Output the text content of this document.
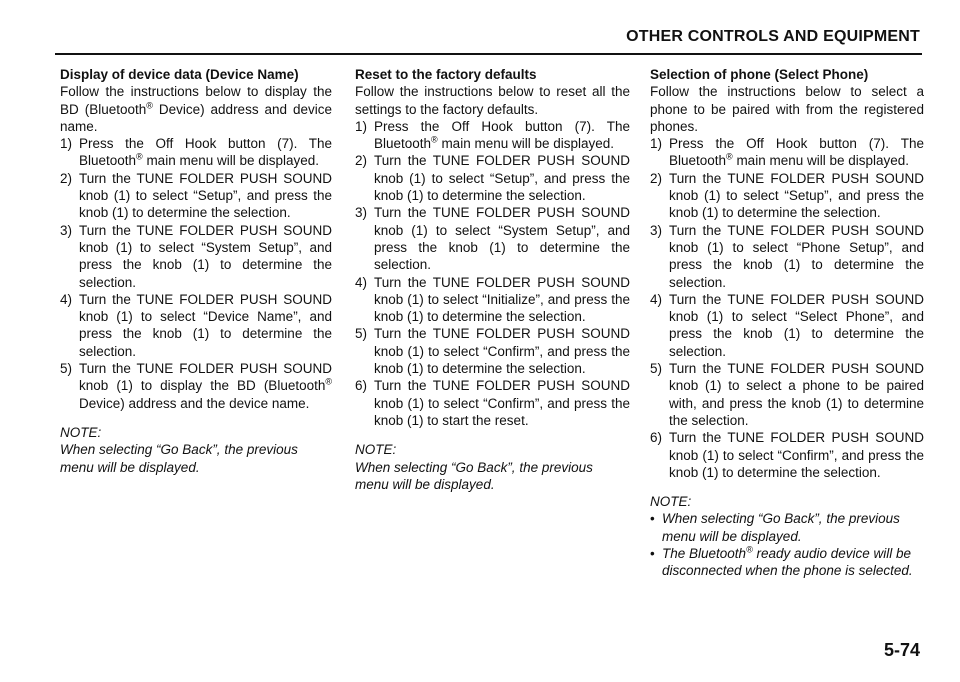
OTHER CONTROLS AND EQUIPMENT
Display of device data (Device Name)

Follow the instructions below to display the BD (Bluetooth® Device) address and device name.

1) Press the Off Hook button (7). The Bluetooth® main menu will be displayed.
2) Turn the TUNE FOLDER PUSH SOUND knob (1) to select “Setup”, and press the knob (1) to determine the selection.
3) Turn the TUNE FOLDER PUSH SOUND knob (1) to select “System Setup”, and press the knob (1) to determine the selection.
4) Turn the TUNE FOLDER PUSH SOUND knob (1) to select “Device Name”, and press the knob (1) to determine the selection.
5) Turn the TUNE FOLDER PUSH SOUND knob (1) to display the BD (Bluetooth® Device) address and the device name.
NOTE:
When selecting “Go Back”, the previous menu will be displayed.
Reset to the factory defaults

Follow the instructions below to reset all the settings to the factory defaults.

1) Press the Off Hook button (7). The Bluetooth® main menu will be displayed.
2) Turn the TUNE FOLDER PUSH SOUND knob (1) to select “Setup”, and press the knob (1) to determine the selection.
3) Turn the TUNE FOLDER PUSH SOUND knob (1) to select “System Setup”, and press the knob (1) to determine the selection.
4) Turn the TUNE FOLDER PUSH SOUND knob (1) to select “Initialize”, and press the knob (1) to determine the selection.
5) Turn the TUNE FOLDER PUSH SOUND knob (1) to select “Confirm”, and press the knob (1) to determine the selection.
6) Turn the TUNE FOLDER PUSH SOUND knob (1) to select “Confirm”, and press the knob (1) to start the reset.
NOTE:
When selecting “Go Back”, the previous menu will be displayed.
Selection of phone (Select Phone)

Follow the instructions below to select a phone to be paired with from the registered phones.

1) Press the Off Hook button (7). The Bluetooth® main menu will be displayed.
2) Turn the TUNE FOLDER PUSH SOUND knob (1) to select “Setup”, and press the knob (1) to determine the selection.
3) Turn the TUNE FOLDER PUSH SOUND knob (1) to select “Phone Setup”, and press the knob (1) to determine the selection.
4) Turn the TUNE FOLDER PUSH SOUND knob (1) to select “Select Phone”, and press the knob (1) to determine the selection.
5) Turn the TUNE FOLDER PUSH SOUND knob (1) to select a phone to be paired with, and press the knob (1) to determine the selection.
6) Turn the TUNE FOLDER PUSH SOUND knob (1) to select “Confirm”, and press the knob (1) to determine the selection.
NOTE:
• When selecting “Go Back”, the previous menu will be displayed.
• The Bluetooth® ready audio device will be disconnected when the phone is selected.
5-74
